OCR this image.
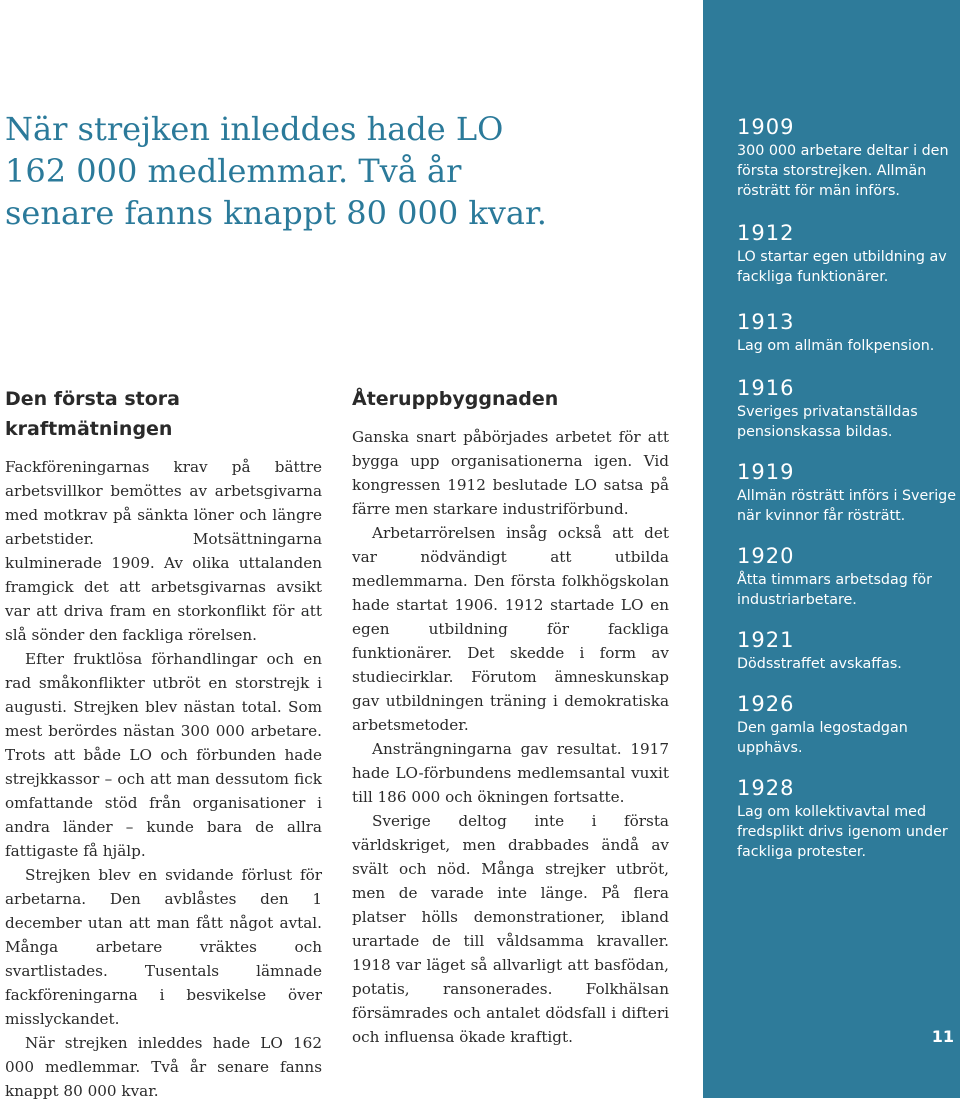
När strejken inleddes hade LO 162 000 medlemmar. Två år senare fanns knappt 80 000 kvar.
Den första stora kraftmätningen

Fackföreningarnas krav på bättre arbetsvillkor bemöttes av arbetsgivarna med motkrav på sänkta löner och längre arbetstider. Motsättningarna kulminerade 1909. Av olika uttalanden framgick det att arbetsgivarnas avsikt var att driva fram en storkonflikt för att slå sönder den fackliga rörelsen.

Efter fruktlösa förhandlingar och en rad småkonflikter utbröt en storstrejk i augusti. Strejken blev nästan total. Som mest berördes nästan 300 000 arbetare. Trots att både LO och förbunden hade strejkkassor – och att man dessutom fick omfattande stöd från organisationer i andra länder – kunde bara de allra fattigaste få hjälp.

Strejken blev en svidande förlust för arbetarna. Den avblåstes den 1 december utan att man fått något avtal. Många arbetare vräktes och svartlistades. Tusentals lämnade fackföreningarna i besvikelse över misslyckandet.

När strejken inleddes hade LO 162 000 medlemmar. Två år senare fanns knappt 80 000 kvar.

Återuppbyggnaden

Ganska snart påbörjades arbetet för att bygga upp organisationerna igen. Vid kongressen 1912 beslutade LO satsa på färre men starkare industriförbund.

Arbetarrörelsen insåg också att det var nödvändigt att utbilda medlemmarna. Den första folkhögskolan hade startat 1906. 1912 startade LO en egen utbildning för fackliga funktionärer. Det skedde i form av studiecirklar. Förutom ämneskunskap gav utbildningen träning i demokratiska arbetsmetoder.

Ansträngningarna gav resultat. 1917 hade LO-förbundens medlemsantal vuxit till 186 000 och ökningen fortsatte.

Sverige deltog inte i första världskriget, men drabbades ändå av svält och nöd. Många strejker utbröt, men de varade inte länge. På flera platser hölls demonstrationer, ibland urartade de till våldsamma kravaller. 1918 var läget så allvarligt att basfödan, potatis, ransonerades. Folkhälsan försämrades och antalet dödsfall i difteri och influensa ökade kraftigt.

1909
300 000 arbetare deltar i den första storstrejken. Allmän rösträtt för män införs.
1912
LO startar egen utbildning av fackliga funktionärer.
1913
Lag om allmän folkpension.
1916
Sveriges privatanställdas pensionskassa bildas.
1919
Allmän rösträtt införs i Sverige när kvinnor får rösträtt.
1920
Åtta timmars arbetsdag för industriarbetare.
1921
Dödsstraffet avskaffas.
1926
Den gamla legostadgan upphävs.
1928
Lag om kollektivavtal med fredsplikt drivs igenom under fackliga protester.
11
